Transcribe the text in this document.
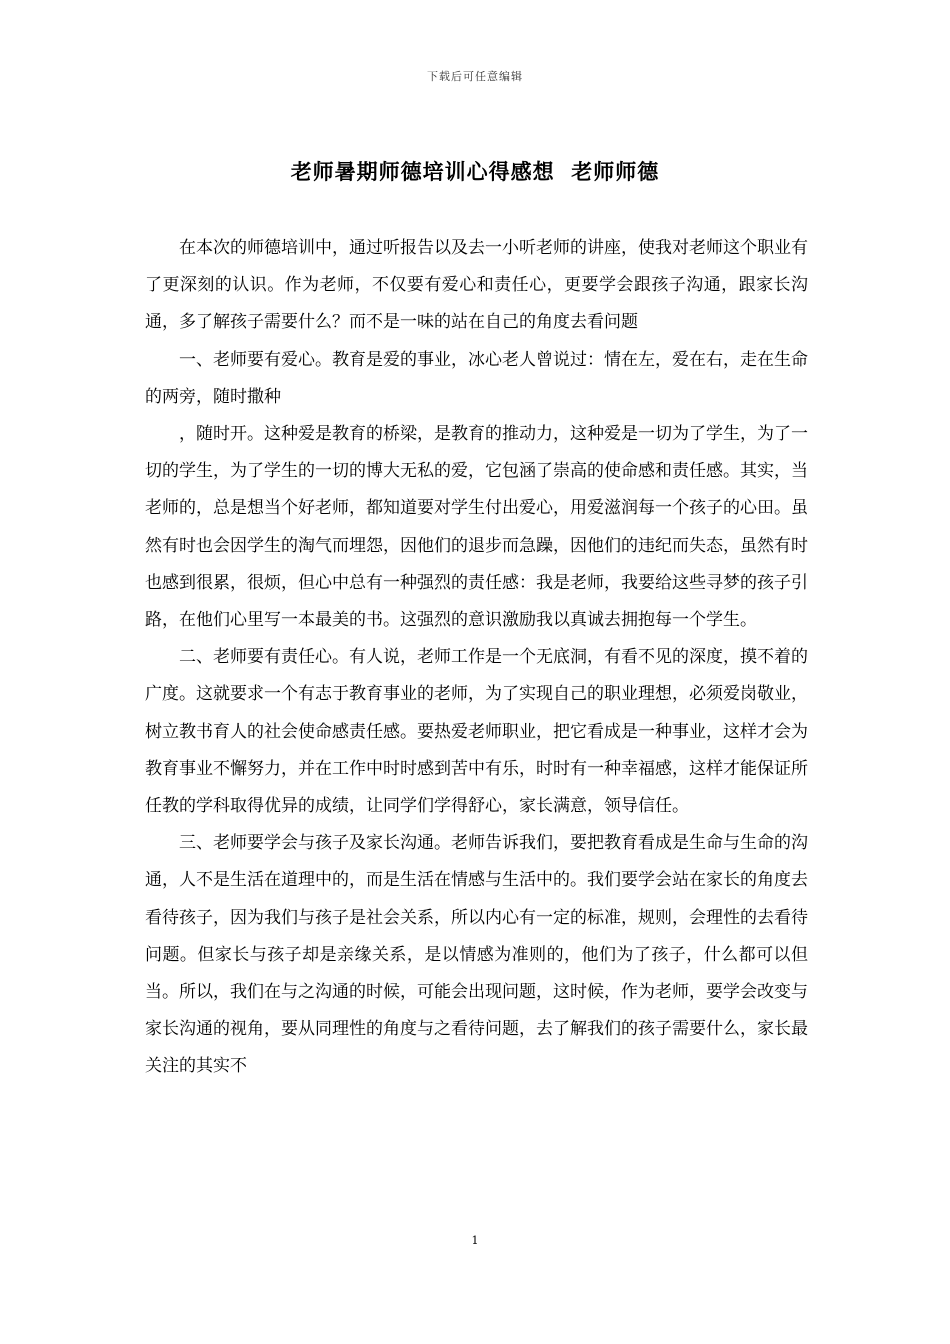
下载后可任意编辑
老师暑期师德培训心得感想  老师师德

在本次的师德培训中，通过听报告以及去一小听老师的讲座，使我对老师这个职业有了更深刻的认识。作为老师，不仅要有爱心和责任心，更要学会跟孩子沟通，跟家长沟通，多了解孩子需要什么？而不是一味的站在自己的角度去看问题

一、老师要有爱心。教育是爱的事业，冰心老人曾说过：情在左，爱在右，走在生命的两旁，随时撒种

，随时开。这种爱是教育的桥梁，是教育的推动力，这种爱是一切为了学生，为了一切的学生，为了学生的一切的博大无私的爱，它包涵了崇高的使命感和责任感。其实，当老师的，总是想当个好老师，都知道要对学生付出爱心，用爱滋润每一个孩子的心田。虽然有时也会因学生的淘气而埋怨，因他们的退步而急躁，因他们的违纪而失态，虽然有时也感到很累，很烦，但心中总有一种强烈的责任感：我是老师，我要给这些寻梦的孩子引路，在他们心里写一本最美的书。这强烈的意识激励我以真诚去拥抱每一个学生。

二、老师要有责任心。有人说，老师工作是一个无底洞，有看不见的深度，摸不着的广度。这就要求一个有志于教育事业的老师，为了实现自己的职业理想，必须爱岗敬业，树立教书育人的社会使命感责任感。要热爱老师职业，把它看成是一种事业，这样才会为教育事业不懈努力，并在工作中时时感到苦中有乐，时时有一种幸福感，这样才能保证所任教的学科取得优异的成绩，让同学们学得舒心，家长满意，领导信任。

三、老师要学会与孩子及家长沟通。老师告诉我们，要把教育看成是生命与生命的沟通，人不是生活在道理中的，而是生活在情感与生活中的。我们要学会站在家长的角度去看待孩子，因为我们与孩子是社会关系，所以内心有一定的标准，规则，会理性的去看待问题。但家长与孩子却是亲缘关系，是以情感为准则的，他们为了孩子，什么都可以但当。所以，我们在与之沟通的时候，可能会出现问题，这时候，作为老师，要学会改变与家长沟通的视角，要从同理性的角度与之看待问题，去了解我们的孩子需要什么，家长最关注的其实不

1
